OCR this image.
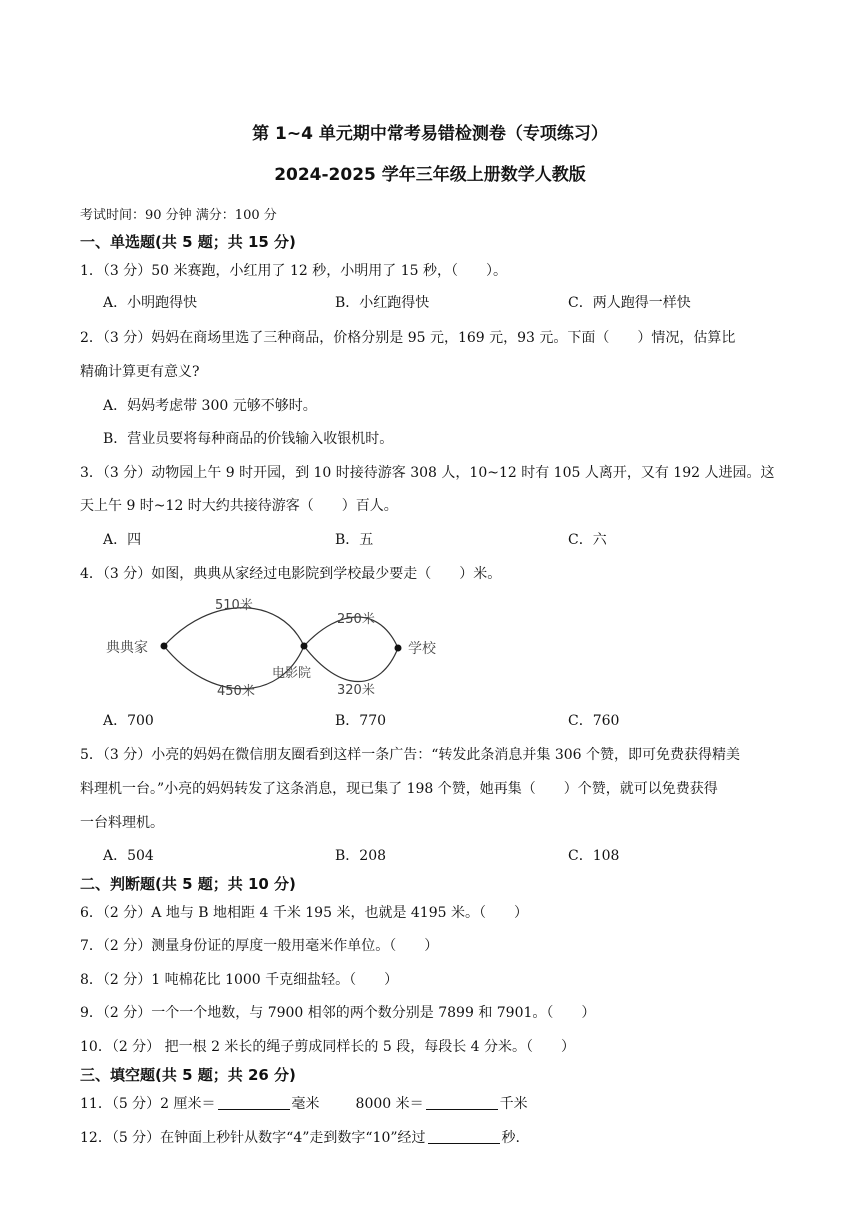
第 1~4 单元期中常考易错检测卷（专项练习）
2024-2025 学年三年级上册数学人教版
考试时间：90 分钟 满分：100 分
一、单选题(共 5 题；共 15 分)
1．（3 分）50 米赛跑，小红用了 12 秒，小明用了 15 秒，（　　）。
A．小明跑得快	B．小红跑得快	C．两人跑得一样快
2．（3 分）妈妈在商场里选了三种商品，价格分别是 95 元，169 元，93 元。下面（　　）情况，估算比
精确计算更有意义?
A．妈妈考虑带 300 元够不够时。
B．营业员要将每种商品的价钱输入收银机时。
3．（3 分）动物园上午 9 时开园，到 10 时接待游客 308 人，10~12 时有 105 人离开，又有 192 人进园。这
天上午 9 时~12 时大约共接待游客（　　）百人。
A．四	B．五	C．六
4．（3 分）如图，典典从家经过电影院到学校最少要走（　　）米。
典典家	学校
电影院
510米
450米
250米
320米
A．700	B．770	C．760
5．（3 分）小亮的妈妈在微信朋友圈看到这样一条广告：“转发此条消息并集 306 个赞，即可免费获得精美
料理机一台。”小亮的妈妈转发了这条消息，现已集了 198 个赞，她再集（　　）个赞，就可以免费获得
一台料理机。
A．504	B．208	C．108
二、判断题(共 5 题；共 10 分)
6．（2 分）A 地与 B 地相距 4 千米 195 米，也就是 4195 米。（　　）
7．（2 分）测量身份证的厚度一般用毫米作单位。（　　）
8．（2 分）1 吨棉花比 1000 千克细盐轻。（　　）
9．（2 分）一个一个地数，与 7900 相邻的两个数分别是 7899 和 7901。（　　）
10．（2 分） 把一根 2 米长的绳子剪成同样长的 5 段，每段长 4 分米。（　　）
三、填空题(共 5 题；共 26 分)
11．（5 分）2 厘米＝	毫米	8000 米＝	千米
12．（5 分）在钟面上秒针从数字“4”走到数字“10”经过	秒.
